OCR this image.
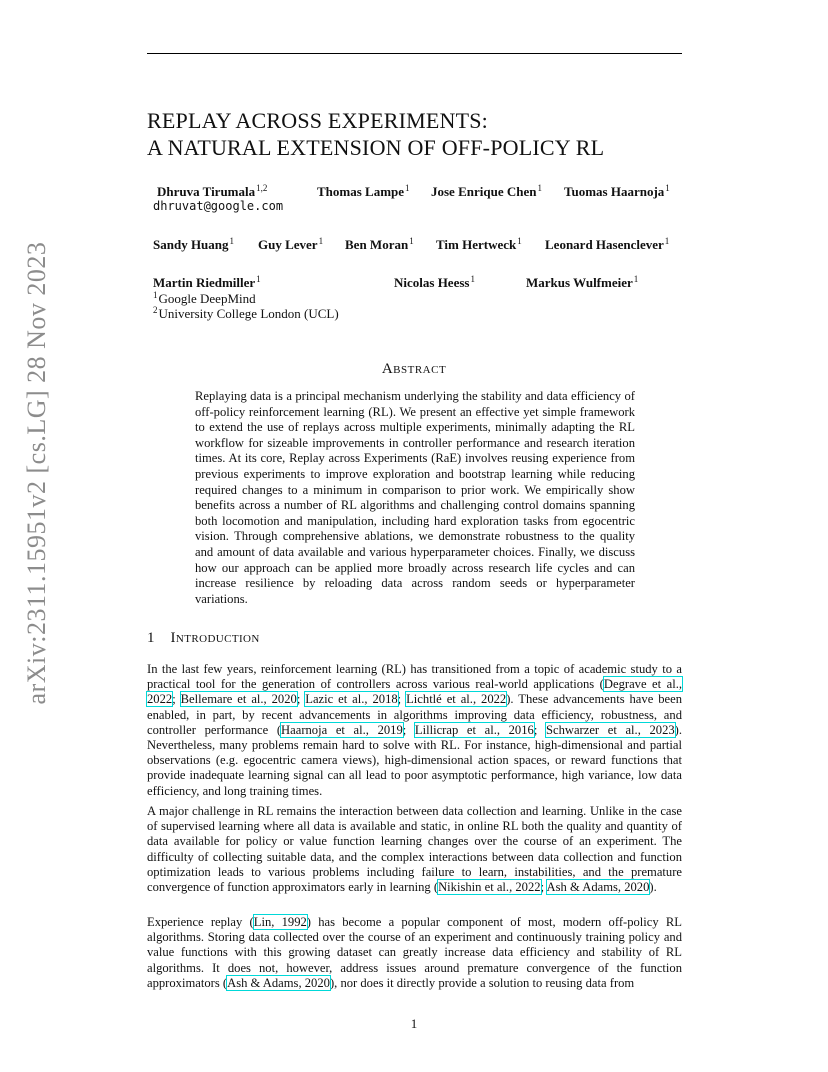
arXiv:2311.15951v2 [cs.LG] 28 Nov 2023
REPLAY ACROSS EXPERIMENTS:
A NATURAL EXTENSION OF OFF-POLICY RL
Dhruva Tirumala$^{1,2}$	Thomas Lampe$^1$ Jose Enrique Chen$^1$ Tuomas Haarnoja$^1$
dhruvat@google.com
Sandy Huang$^1$ Guy Lever$^1$ Ben Moran$^1$ Tim Hertweck$^1$ Leonard Hasenclever$^1$
Martin Riedmiller$^1$	Nicolas Heess$^1$	Markus Wulfmeier$^1$
$^1$Google DeepMind
$^2$University College London (UCL)
Abstract
Replaying data is a principal mechanism underlying the stability and data efficiency of off-policy reinforcement learning (RL). We present an effective yet simple framework to extend the use of replays across multiple experiments, minimally adapting the RL workflow for sizeable improvements in controller performance and research iteration times. At its core, Replay across Experiments (RaE) involves reusing experience from previous experiments to improve exploration and bootstrap learning while reducing required changes to a minimum in comparison to prior work. We empirically show benefits across a number of RL algorithms and challenging control domains spanning both locomotion and manipulation, including hard exploration tasks from egocentric vision. Through comprehensive ablations, we demonstrate robustness to the quality and amount of data available and various hyperparameter choices. Finally, we discuss how our approach can be applied more broadly across research life cycles and can increase resilience by reloading data across random seeds or hyperparameter variations.
1 Introduction
In the last few years, reinforcement learning (RL) has transitioned from a topic of academic study to a practical tool for the generation of controllers across various real-world applications (Degrave et al., 2022; Bellemare et al., 2020; Lazic et al., 2018; Lichtlé et al., 2022). These advancements have been enabled, in part, by recent advancements in algorithms improving data efficiency, robustness, and controller performance (Haarnoja et al., 2019; Lillicrap et al., 2016; Schwarzer et al., 2023). Nevertheless, many problems remain hard to solve with RL. For instance, high-dimensional and partial observations (e.g. egocentric camera views), high-dimensional action spaces, or reward functions that provide inadequate learning signal can all lead to poor asymptotic performance, high variance, low data efficiency, and long training times.
A major challenge in RL remains the interaction between data collection and learning. Unlike in the case of supervised learning where all data is available and static, in online RL both the quality and quantity of data available for policy or value function learning changes over the course of an experiment. The difficulty of collecting suitable data, and the complex interactions between data collection and function optimization leads to various problems including failure to learn, instabilities, and the premature convergence of function approximators early in learning (Nikishin et al., 2022; Ash & Adams, 2020).
Experience replay (Lin, 1992) has become a popular component of most, modern off-policy RL algorithms. Storing data collected over the course of an experiment and continuously training policy and value functions with this growing dataset can greatly increase data efficiency and stability of RL algorithms. It does not, however, address issues around premature convergence of the function approximators (Ash & Adams, 2020), nor does it directly provide a solution to reusing data from
1
